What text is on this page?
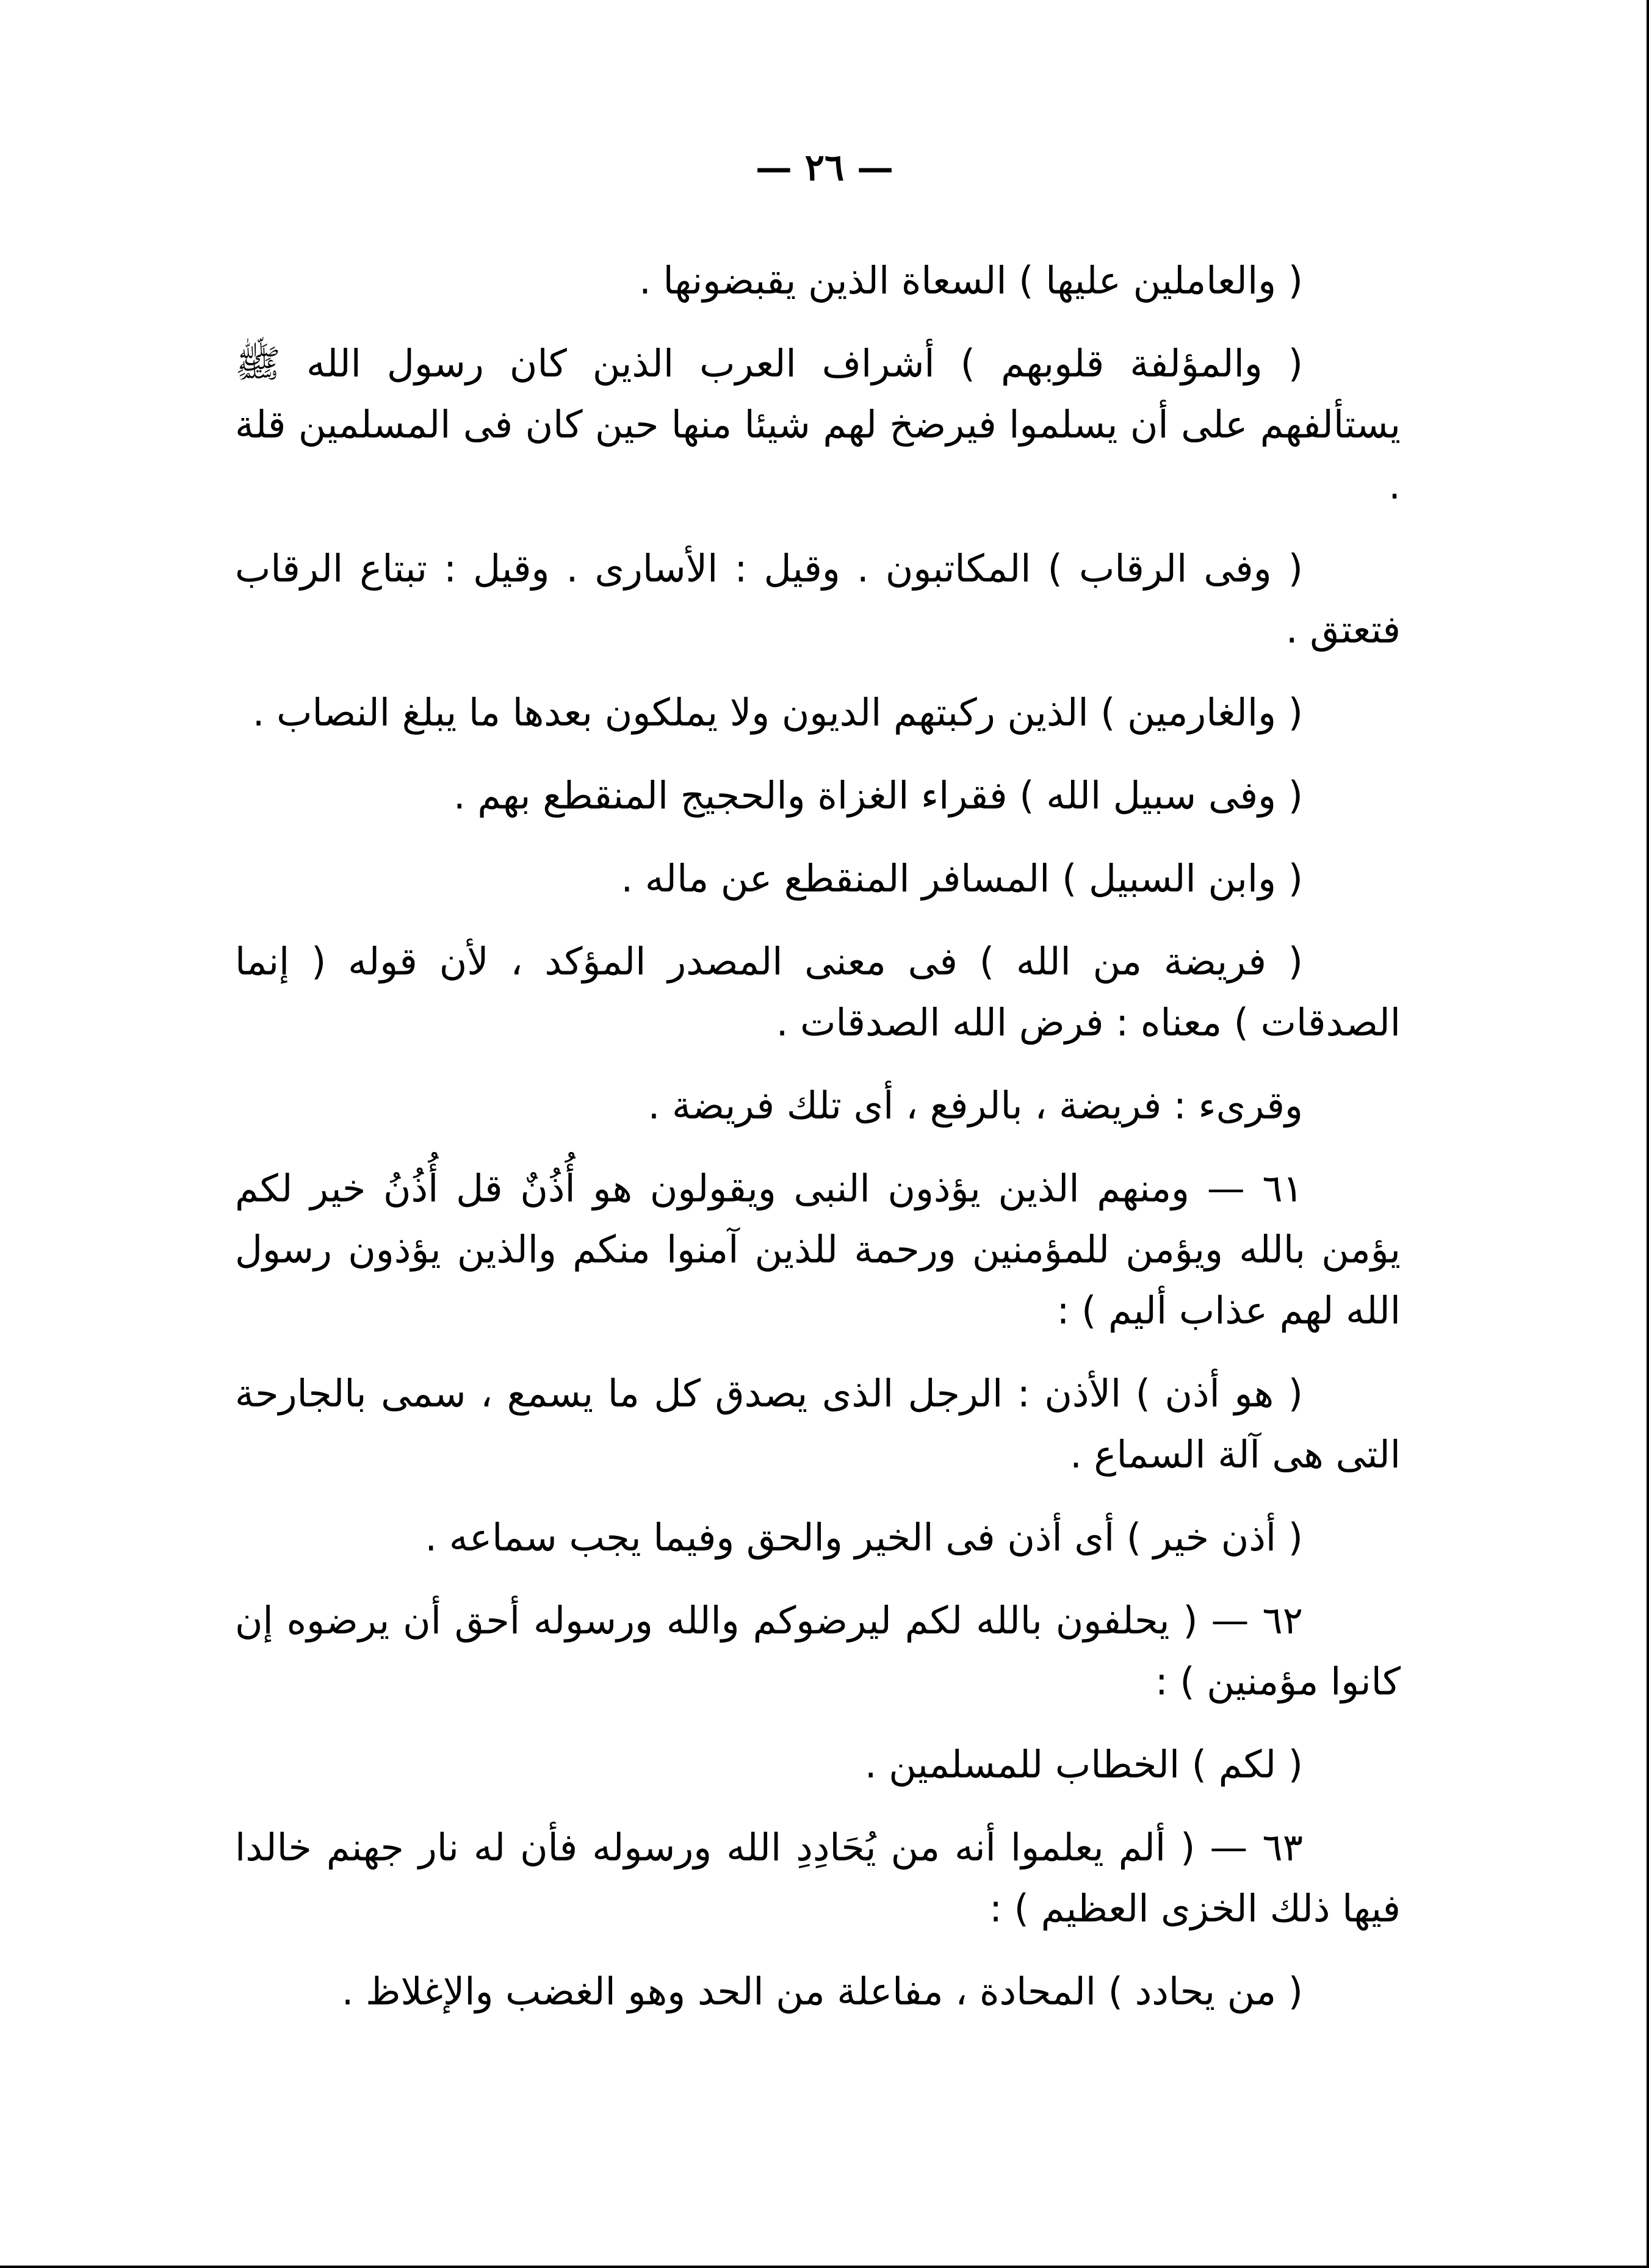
— ٢٦ —

( والعاملين عليها ) السعاة الذين يقبضونها .

( والمؤلفة قلوبهم ) أشراف العرب الذين كان رسول الله ﷺ يستألفهم على أن يسلموا فيرضخ لهم شيئا منها حين كان فى المسلمين قلة .

( وفى الرقاب ) المكاتبون . وقيل : الأسارى . وقيل : تبتاع الرقاب فتعتق .

( والغارمين ) الذين ركبتهم الديون ولا يملكون بعدها ما يبلغ النصاب .

( وفى سبيل الله ) فقراء الغزاة والحجيج المنقطع بهم .

( وابن السبيل ) المسافر المنقطع عن ماله .

( فريضة من الله ) فى معنى المصدر المؤكد ، لأن قوله ( إنما الصدقات ) معناه : فرض الله الصدقات .

وقرىء : فريضة ، بالرفع ، أى تلك فريضة .

٦١ — ومنهم الذين يؤذون النبى ويقولون هو أُذُنٌ قل أُذُنُ خير لكم يؤمن بالله ويؤمن للمؤمنين ورحمة للذين آمنوا منكم والذين يؤذون رسول الله لهم عذاب أليم ) :

( هو أذن ) الأذن : الرجل الذى يصدق كل ما يسمع ، سمى بالجارحة التى هى آلة السماع .

( أذن خير ) أى أذن فى الخير والحق وفيما يجب سماعه .

٦٢ — ( يحلفون بالله لكم ليرضوكم والله ورسوله أحق أن يرضوه إن كانوا مؤمنين ) :

( لكم ) الخطاب للمسلمين .

٦٣ — ( ألم يعلموا أنه من يُحَادِدِ الله ورسوله فأن له نار جهنم خالدا فيها ذلك الخزى العظيم ) :

( من يحادد ) المحادة ، مفاعلة من الحد وهو الغضب والإغلاظ .
